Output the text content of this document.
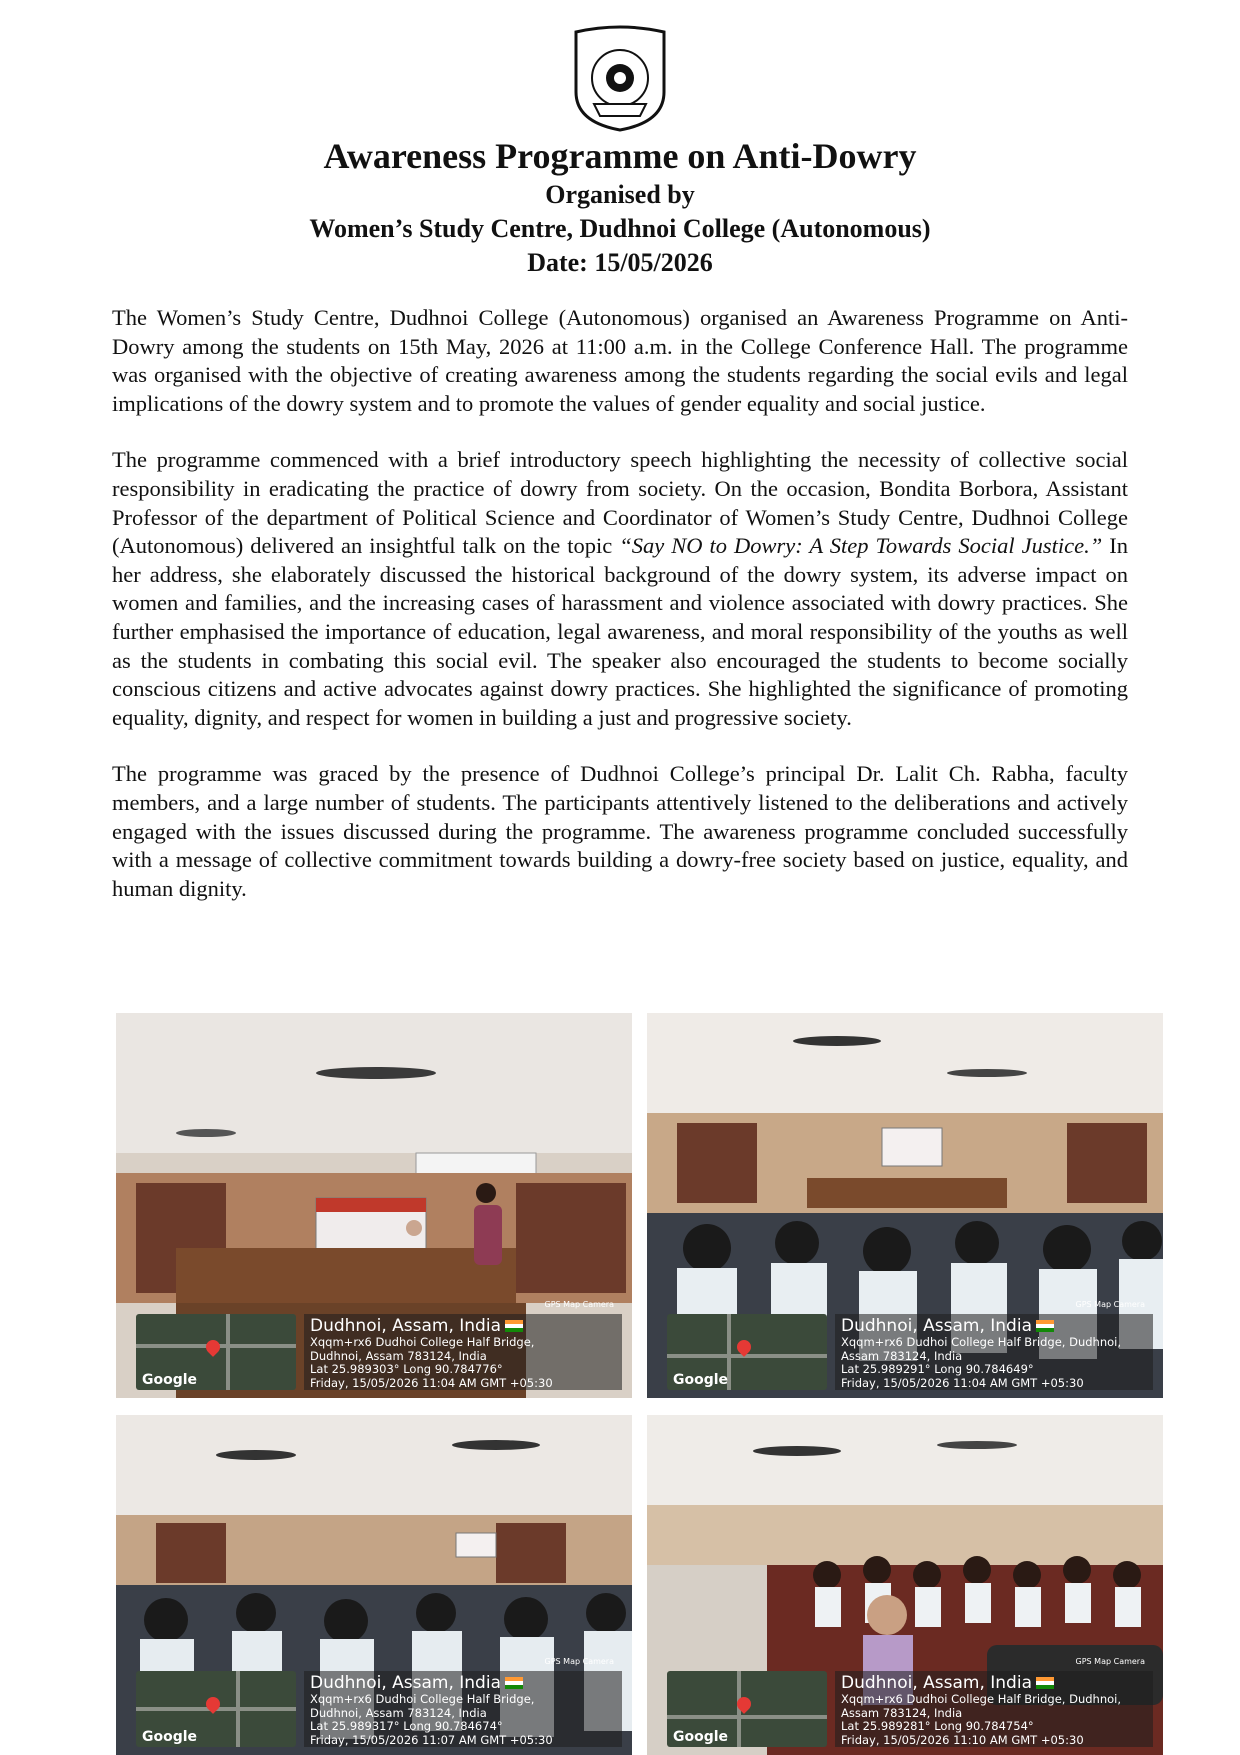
Awareness Programme on Anti-Dowry
Organised by
Women’s Study Centre, Dudhnoi College (Autonomous)
Date: 15/05/2026

The Women’s Study Centre, Dudhnoi College (Autonomous) organised an Awareness Programme on Anti-Dowry among the students on 15th May, 2026 at 11:00 a.m. in the College Conference Hall. The programme was organised with the objective of creating awareness among the students regarding the social evils and legal implications of the dowry system and to promote the values of gender equality and social justice.

The programme commenced with a brief introductory speech highlighting the necessity of collective social responsibility in eradicating the practice of dowry from society. On the occasion, Bondita Borbora, Assistant Professor of the department of Political Science and Coordinator of Women’s Study Centre, Dudhnoi College (Autonomous) delivered an insightful talk on the topic “Say NO to Dowry: A Step Towards Social Justice.” In her address, she elaborately discussed the historical background of the dowry system, its adverse impact on women and families, and the increasing cases of harassment and violence associated with dowry practices. She further emphasised the importance of education, legal awareness, and moral responsibility of the youths as well as the students in combating this social evil. The speaker also encouraged the students to become socially conscious citizens and active advocates against dowry practices. She highlighted the significance of promoting equality, dignity, and respect for women in building a just and progressive society.

The programme was graced by the presence of Dudhnoi College’s principal Dr. Lalit Ch. Rabha, faculty members, and a large number of students. The participants attentively listened to the deliberations and actively engaged with the issues discussed during the programme. The awareness programme concluded successfully with a message of collective commitment towards building a dowry-free society based on justice, equality, and human dignity.

Google
GPS Map Camera
Dudhnoi, Assam, India
Xqqm+rx6 Dudhoi College Half Bridge,
Dudhnoi, Assam 783124, India
Lat 25.989303° Long 90.784776°
Friday, 15/05/2026 11:04 AM GMT +05:30	Google
GPS Map Camera
Dudhnoi, Assam, India
Xqqm+rx6 Dudhoi College Half Bridge, Dudhnoi,
Assam 783124, India
Lat 25.989291° Long 90.784649°
Friday, 15/05/2026 11:04 AM GMT +05:30
Google
GPS Map Camera
Dudhnoi, Assam, India
Xqqm+rx6 Dudhoi College Half Bridge,
Dudhnoi, Assam 783124, India
Lat 25.989317° Long 90.784674°
Friday, 15/05/2026 11:07 AM GMT +05:30	Google
GPS Map Camera
Dudhnoi, Assam, India
Xqqm+rx6 Dudhoi College Half Bridge, Dudhnoi,
Assam 783124, India
Lat 25.989281° Long 90.784754°
Friday, 15/05/2026 11:10 AM GMT +05:30
